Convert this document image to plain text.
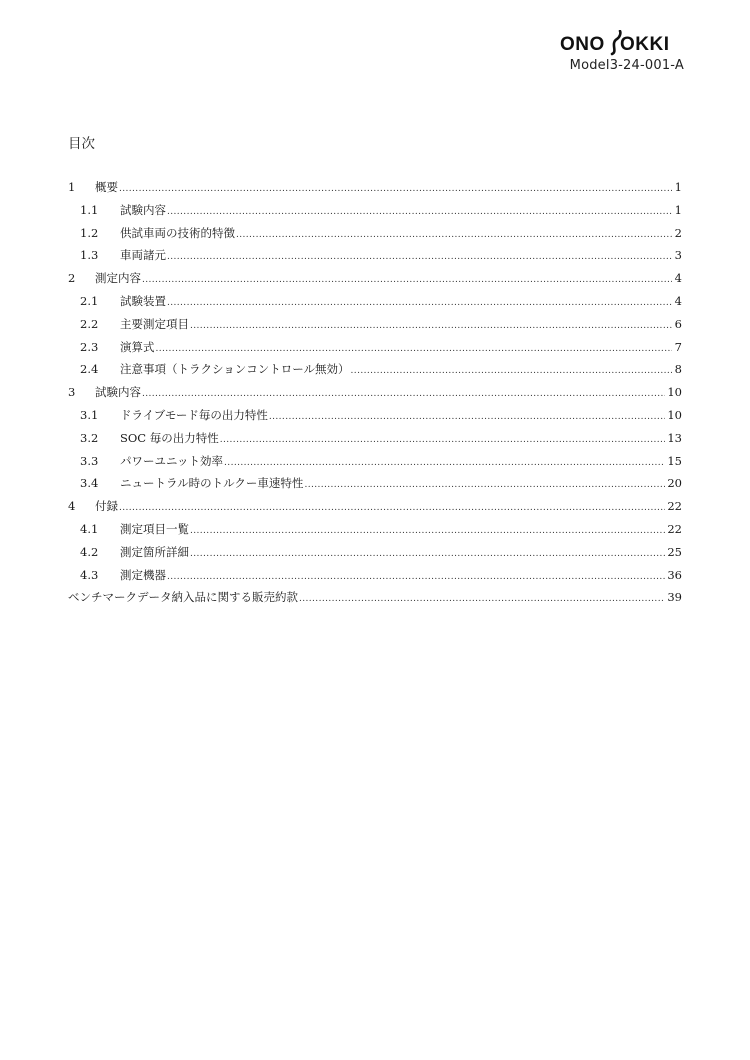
ONO OKKI
Model3-24-001-A
目次
1	概要 .....	1
1.1	試験内容 .....	1
1.2	供試車両の技術的特徴 .....	2
1.3	車両諸元 .....	3
2	測定内容 .....	4
2.1	試験装置 .....	4
2.2	主要測定項目 .....	6
2.3	演算式 .....	7
2.4	注意事項（トラクションコントロール無効） .....	8
3	試験内容 .....	10
3.1	ドライブモード毎の出力特性 .....	10
3.2	SOC 毎の出力特性 .....	13
3.3	パワーユニット効率 .....	15
3.4	ニュートラル時のトルクー車速特性 .....	20
4	付録 .....	22
4.1	測定項目一覧 .....	22
4.2	測定箇所詳細 .....	25
4.3	測定機器 .....	36
ベンチマークデータ納入品に関する販売約款 .....	39
